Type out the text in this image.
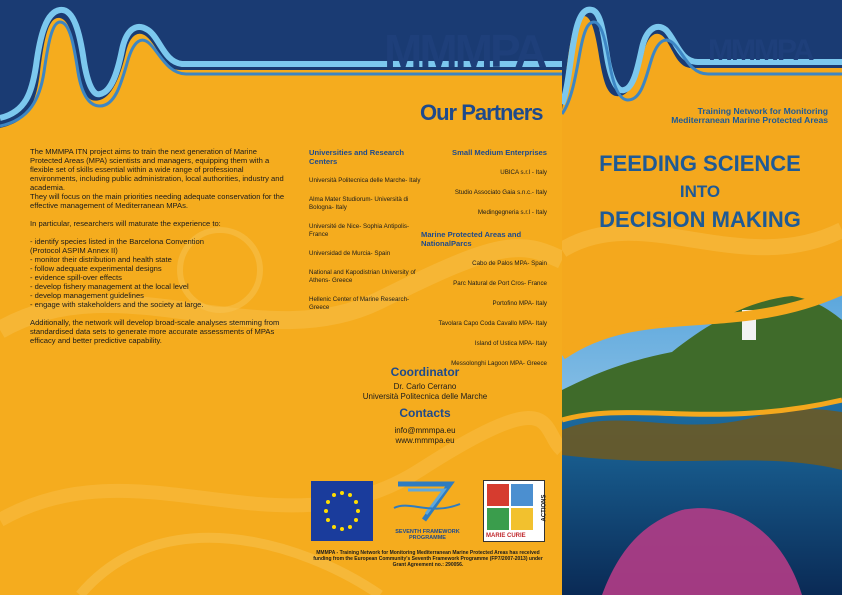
MMMPA
Our Partners

The MMMPA ITN project aims to train the next generation of Marine Protected Areas (MPA) scientists and managers, equipping them with a flexible set of skills essential within a wide range of professional environments, including public administration, local authorities, industry and academia.
They will focus on the main priorities needing adequate conservation for the effective management of Mediterranean MPAs.

In particular, researchers will maturate the experience to:

- identify species listed in the Barcelona Convention
(Protocol ASPIM Annex II)
- monitor their distribution and health state
- follow adequate experimental designs
- evidence spill-over effects
- develop fishery management at the local level
- develop management guidelines
- engage with stakeholders and the society at large.

Additionally, the network will develop broad-scale analyses stemming from standardised data sets to generate more accurate assessments of MPAs efficacy and better predictive capability.

Universities and Research Centers
Università Politecnica delle Marche- Italy
Alma Mater Studiorum- Università di Bologna- Italy
Université de Nice- Sophia Antipolis- France
Universidad de Murcia- Spain
National and Kapodistrian University of Athens- Greece
Hellenic Center of Marine Research- Greece
Small Medium Enterprises
UBICA s.r.l - Italy
Studio Associato Gaia s.n.c.- Italy
Medingegneria s.r.l - Italy
Marine Protected Areas and NationalParcs
Cabo de Palos MPA- Spain
Parc Natural de Port Cros- France
Portofino MPA- Italy
Tavolara Capo Coda Cavallo MPA- Italy
Island of Ustica MPA- Italy
Messolonghi Lagoon MPA- Greece
Coordinator
Dr. Carlo Cerrano
Università Politecnica delle Marche
Contacts
info@mmmpa.eu
www.mmmpa.eu
SEVENTH FRAMEWORK
PROGRAMME	MARIE CURIE
ACTIONS
MMMPA - Training Network for Monitoring Mediterranean Marine Protected Areas has received funding from the European Community's Seventh Framework Programme (FP7/2007-2013) under Grant Agreement no.: 290056.
MMMPA
Training Network for Monitoring
Mediterranean Marine Protected Areas
FEEDING SCIENCE
INTO
DECISION MAKING
